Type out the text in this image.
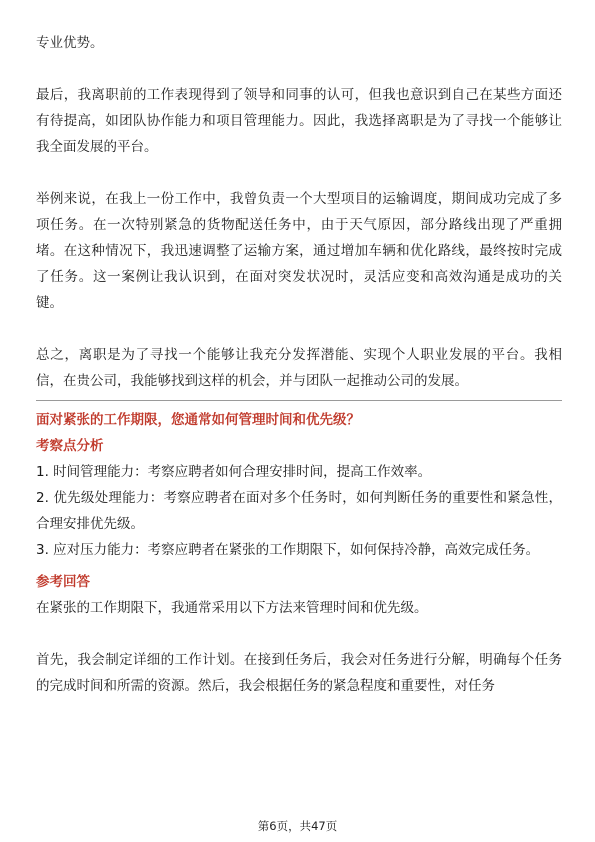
专业优势。

最后，我离职前的工作表现得到了领导和同事的认可，但我也意识到自己在某些方面还有待提高，如团队协作能力和项目管理能力。因此，我选择离职是为了寻找一个能够让我全面发展的平台。

举例来说，在我上一份工作中，我曾负责一个大型项目的运输调度，期间成功完成了多项任务。在一次特别紧急的货物配送任务中，由于天气原因，部分路线出现了严重拥堵。在这种情况下，我迅速调整了运输方案，通过增加车辆和优化路线，最终按时完成了任务。这一案例让我认识到，在面对突发状况时，灵活应变和高效沟通是成功的关键。

总之，离职是为了寻找一个能够让我充分发挥潜能、实现个人职业发展的平台。我相信，在贵公司，我能够找到这样的机会，并与团队一起推动公司的发展。

面对紧张的工作期限，您通常如何管理时间和优先级？

考察点分析

1. 时间管理能力：考察应聘者如何合理安排时间，提高工作效率。

2. 优先级处理能力：考察应聘者在面对多个任务时，如何判断任务的重要性和紧急性，合理安排优先级。

3. 应对压力能力：考察应聘者在紧张的工作期限下，如何保持冷静，高效完成任务。

参考回答

在紧张的工作期限下，我通常采用以下方法来管理时间和优先级。

首先，我会制定详细的工作计划。在接到任务后，我会对任务进行分解，明确每个任务的完成时间和所需的资源。然后，我会根据任务的紧急程度和重要性，对任务

第6页，共47页
